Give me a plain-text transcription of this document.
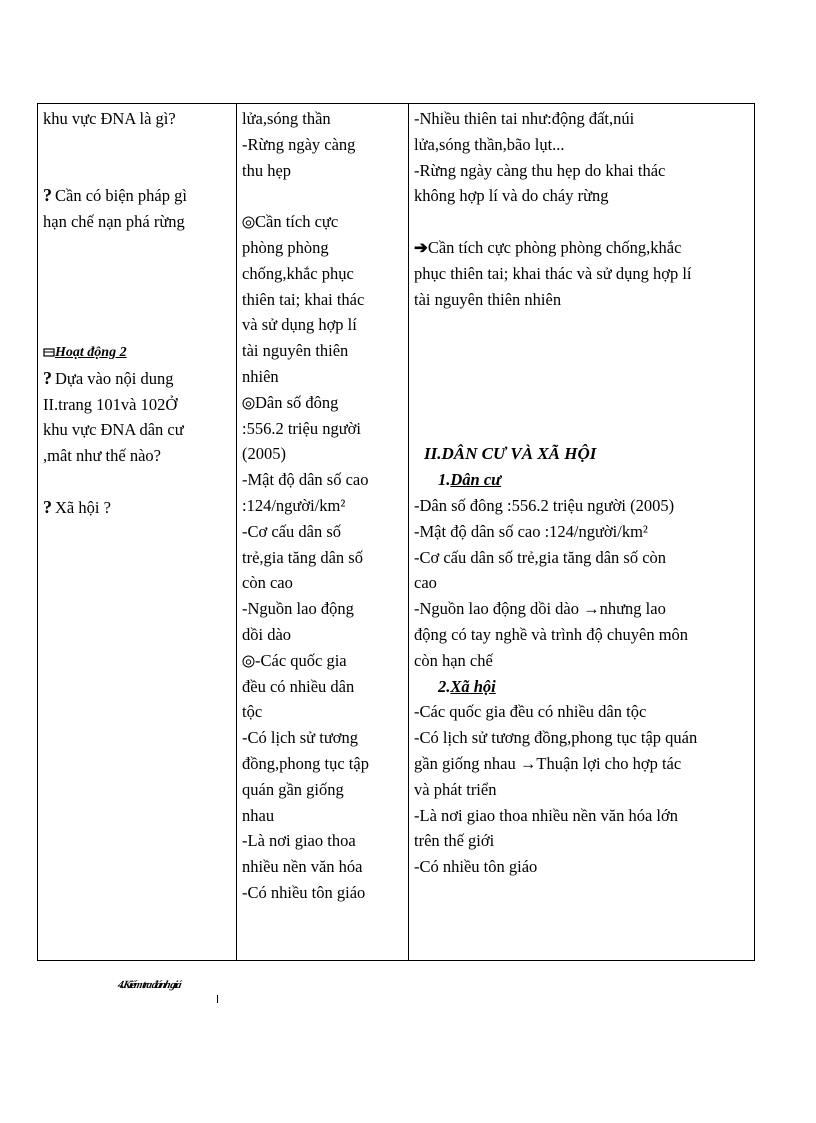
khu vực ĐNA là gì?
? Cần có biện pháp gì
hạn chế nạn phá rừng
Hoạt động 2
? Dựa vào nội dung
II.trang 101và 102Ở
khu vực ĐNA dân cư
,mât như thế nào?
? Xã hội ?

lửa,sóng thần
-Rừng ngày càng
thu hẹp
Cần tích cực
phòng phòng
chống,khắc phục
thiên tai; khai thác
và sử dụng hợp lí
tài nguyên thiên
nhiên
Dân số đông
:556.2 triệu người
(2005)
-Mật độ dân số cao
:124/người/km²
-Cơ cấu dân số
trẻ,gia tăng dân số
còn cao
-Nguồn lao động
dồi dào
-Các quốc gia
đều có nhiều dân
tộc
-Có lịch sử tương
đồng,phong tục tập
quán gần giống
nhau
-Là nơi giao thoa
nhiều nền văn hóa
-Có nhiều tôn giáo

-Nhiều thiên tai như:động đất,núi
lửa,sóng thần,bão lụt...
-Rừng ngày càng thu hẹp do khai thác
không hợp lí và do cháy rừng
➔Cần tích cực phòng phòng chống,khắc
phục thiên tai; khai thác và sử dụng hợp lí
tài nguyên thiên nhiên
II.DÂN CƯ VÀ XÃ HỘI
1.Dân cư
-Dân số đông :556.2 triệu người (2005)
-Mật độ dân số cao :124/người/km²
-Cơ cấu dân số trẻ,gia tăng dân số còn
cao
-Nguồn lao động dồi dào →nhưng lao
động có tay nghề và trình độ chuyên môn
còn hạn chế
2.Xã hội
-Các quốc gia đều có nhiều dân tộc
-Có lịch sử tương đồng,phong tục tập quán
gần giống nhau →Thuận lợi cho hợp tác
và phát triển
-Là nơi giao thoa nhiều nền văn hóa lớn
trên thế giới
-Có nhiều tôn giáo
4.Kiểm tra đánh giá
